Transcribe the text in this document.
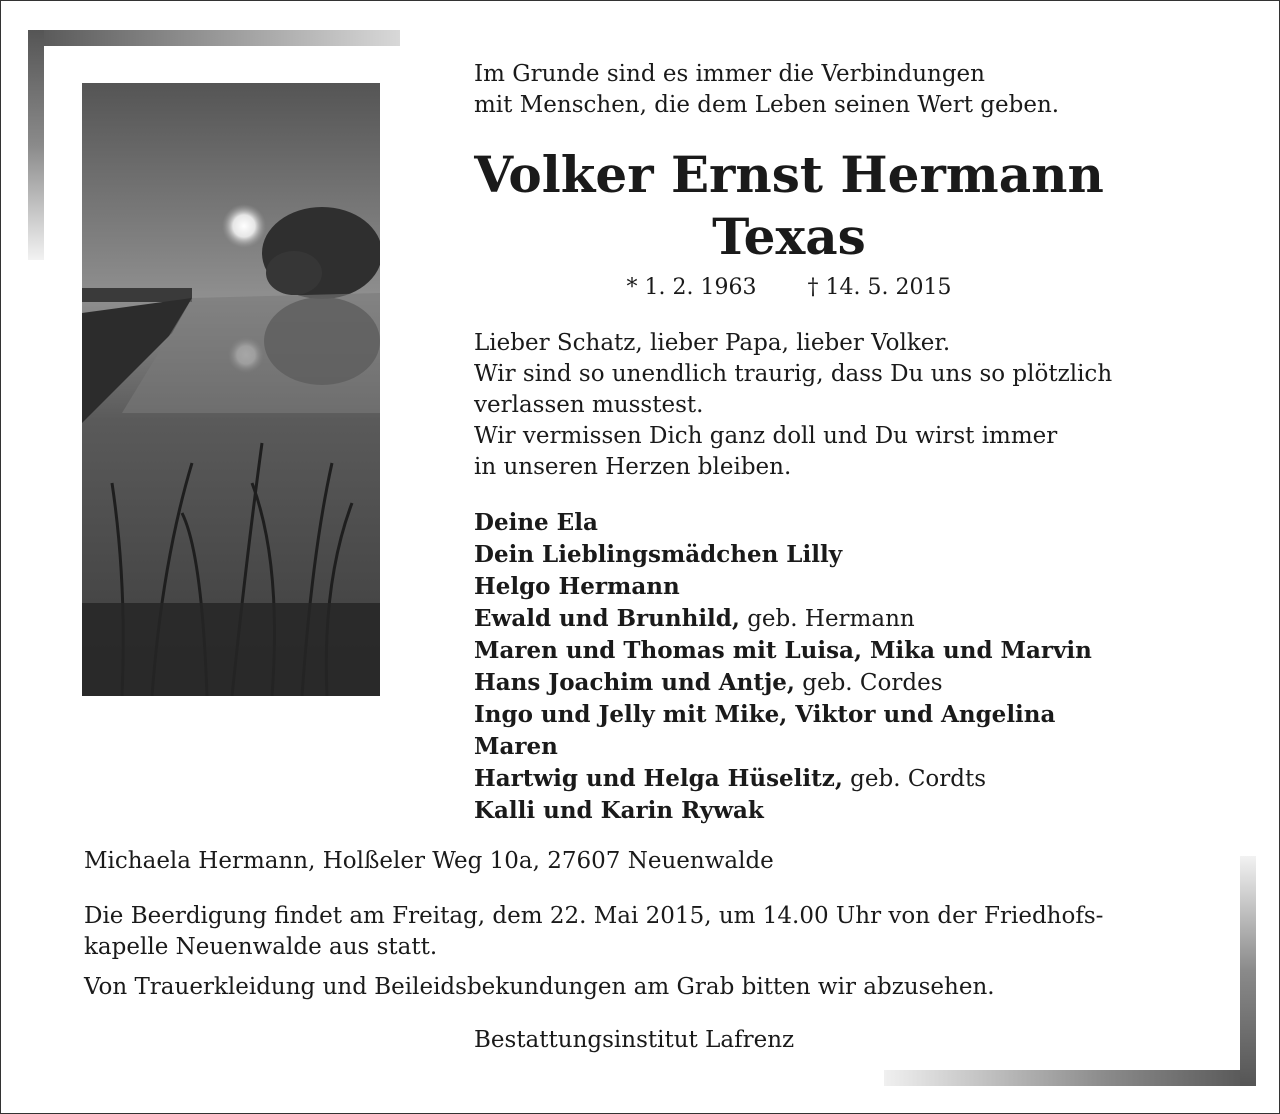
Im Grunde sind es immer die Verbindungen
mit Menschen, die dem Leben seinen Wert geben.
Volker Ernst Hermann
Texas
* 1. 2. 1963 † 14. 5. 2015
Lieber Schatz, lieber Papa, lieber Volker.
Wir sind so unendlich traurig, dass Du uns so plötzlich
verlassen musstest.
Wir vermissen Dich ganz doll und Du wirst immer
in unseren Herzen bleiben.
Deine Ela
Dein Lieblingsmädchen Lilly
Helgo Hermann
Ewald und Brunhild, geb. Hermann
Maren und Thomas mit Luisa, Mika und Marvin
Hans Joachim und Antje, geb. Cordes
Ingo und Jelly mit Mike, Viktor und Angelina
Maren
Hartwig und Helga Hüselitz, geb. Cordts
Kalli und Karin Rywak
Michaela Hermann, Holßeler Weg 10a, 27607 Neuenwalde
Die Beerdigung findet am Freitag, dem 22. Mai 2015, um 14.00 Uhr von der Friedhofs-
kapelle Neuenwalde aus statt.
Von Trauerkleidung und Beileidsbekundungen am Grab bitten wir abzusehen.
Bestattungsinstitut Lafrenz
